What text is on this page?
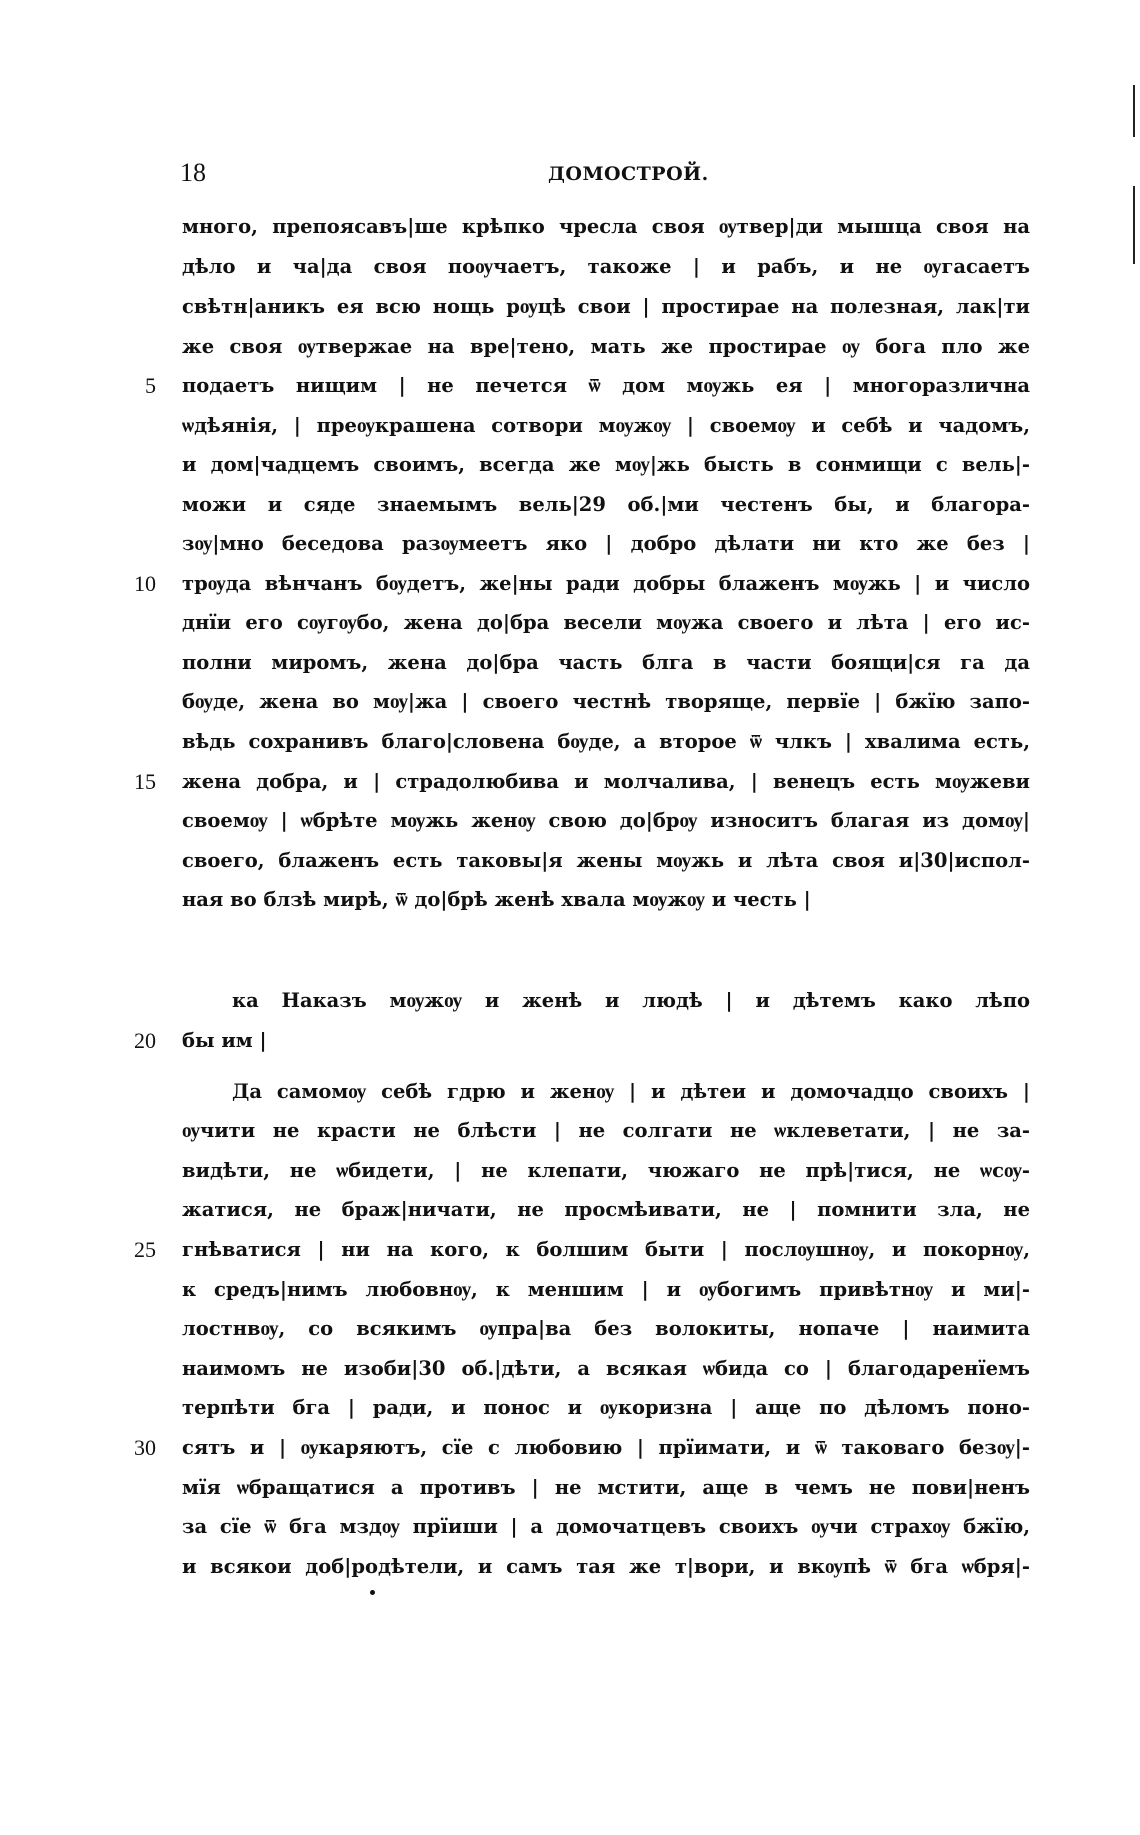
18	ДОМОСТРОЙ.
5
10
15
20
25
30
много, препоясавъ|ше крѣпко чресла своя ѹтвер|ди мышца своя на
дѣло и ча|да своя поѹчаетъ, такоже | и рабъ, и не ѹгасаетъ
свѣтн|аникъ ея всю нощь рѹцѣ свои | простирае на полезная, лак|ти
же своя ѹтвержае на вре|тено, мать же простирае ѹ бога пло же
подаетъ нищим | не печется ѿ дом мѹжь ея | многоразлична
ѡдѣянія, | преѹкрашена сотвори мѹжѹ | своемѹ и себѣ и чадомъ,
и дом|чадцемъ своимъ, всегда же мѹ|жь бысть в сонмищи с вель|-
можи и сяде знаемымъ вель|29 об.|ми честенъ бы, и благора-
зѹ|мно беседова разѹмеетъ яко | добро дѣлати ни кто же без |
трѹда вѣнчанъ бѹдетъ, же|ны ради добры блаженъ мѹжь | и число
днїи его сѹгѹбо, жена до|бра весели мѹжа своего и лѣта | его ис-
полни миромъ, жена до|бра часть блга в части боящи|ся га да
бѹде, жена во мѹ|жа | своего честнѣ творяще, первїе | бжїю запо-
вѣдь сохранивъ благо|словена бѹде, а второе ѿ члкъ | хвалима есть,
жена добра, и | страдолюбива и молчалива, | венецъ есть мѹжеви
своемѹ | ѡбрѣте мѹжь женѹ свою до|брѹ износитъ благая из домѹ|
своего, блаженъ есть таковы|я жены мѹжь и лѣта своя и|30|испол-
ная во блзѣ мирѣ, ѿ до|брѣ женѣ хвала мѹжѹ и честь |
ка Наказъ мѹжѹ и женѣ и людѣ | и дѣтемъ како лѣпо
бы им |
Да самомѹ себѣ гдрю и женѹ | и дѣтеи и домочадцо своихъ |
ѹчити не красти не блѣсти | не солгати не ѡклеветати, | не за-
видѣти, не ѡбидети, | не клепати, чюжаго не прѣ|тися, не ѡсѹ-
жатися, не браж|ничати, не просмѣивати, не | помнити зла, не
гнѣватися | ни на кого, к болшим быти | послѹшнѹ, и покорнѹ,
к средъ|нимъ любовнѹ, к меншим | и ѹбогимъ привѣтнѹ и ми|-
лостнвѹ, со всякимъ ѹпра|ва без волокиты, нопаче | наимита
наимомъ не изоби|30 об.|дѣти, а всякая ѡбида со | благодаренїемъ
терпѣти бга | ради, и понос и ѹкоризна | аще по дѣломъ поно-
сятъ и | ѹкаряютъ, сїе с любовию | прїимати, и ѿ таковаго безѹ|-
мїя ѡбращатися а противъ | не мстити, аще в чемъ не пови|ненъ
за сїе ѿ бга мздѹ прїиши | а домочатцевъ своихъ ѹчи страхѹ бжїю,
и всякои доб|родѣтели, и самъ тая же т|вори, и вкѹпѣ ѿ бга ѡбря|-
